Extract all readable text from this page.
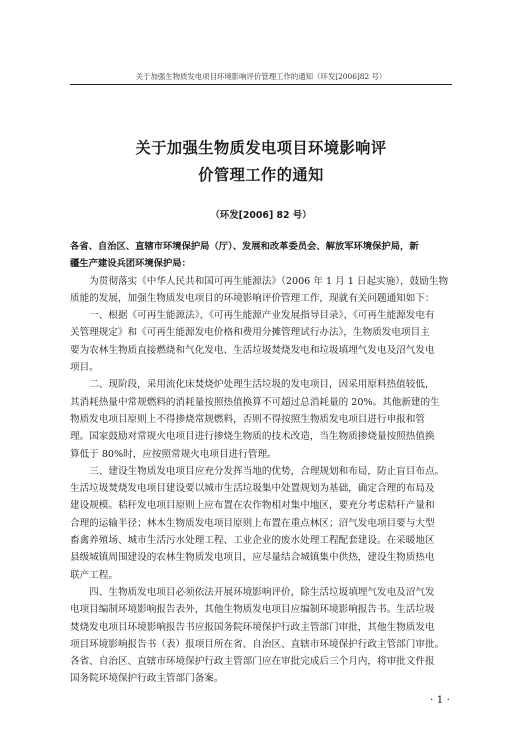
关于加强生物质发电项目环境影响评价管理工作的通知（环发[2006]82 号）
关于加强生物质发电项目环境影响评
价管理工作的通知
（环发[2006] 82 号）
各省、自治区、直辖市环境保护局（厅）、发展和改革委员会、解放军环境保护局，新
疆生产建设兵团环境保护局：
　　为贯彻落实《中华人民共和国可再生能源法》（2006 年 1 月 1 日起实施），鼓励生物
质能的发展，加强生物质发电项目的环境影响评价管理工作，现就有关问题通知如下：
　　一、根据《可再生能源法》、《可再生能源产业发展指导目录》、《可再生能源发电有
关管理规定》和《可再生能源发电价格和费用分摊管理试行办法》，生物质发电项目主
要为农林生物质直接燃烧和气化发电、生活垃圾焚烧发电和垃圾填埋气发电及沼气发电
项目。
　　二、现阶段，采用流化床焚烧炉处理生活垃圾的发电项目，因采用原料热值较低，
其消耗热量中常规燃料的消耗量按照热值换算不可超过总消耗量的 20%。其他新建的生
物质发电项目原则上不得掺烧常规燃料，否则不得按照生物质发电项目进行申报和管
理。国家鼓励对常规火电项目进行掺烧生物质的技术改造，当生物质掺烧量按照热值换
算低于 80%时，应按照常规火电项目进行管理。
　　三、建设生物质发电项目应充分发挥当地的优势，合理规划和布局，防止盲目布点。
生活垃圾焚烧发电项目建设要以城市生活垃圾集中处置规划为基础，确定合理的布局及
建设规模。秸秆发电项目原则上应布置在农作物相对集中地区，要充分考虑秸秆产量和
合理的运输半径；林木生物质发电项目原则上布置在重点林区；沼气发电项目要与大型
畜禽养殖场、城市生活污水处理工程、工业企业的废水处理工程配套建设。在采暖地区
县级城镇周围建设的农林生物质发电项目，应尽量结合城镇集中供热，建设生物质热电
联产工程。
　　四、生物质发电项目必须依法开展环境影响评价，除生活垃圾填埋气发电及沼气发
电项目编制环境影响报告表外，其他生物质发电项目应编制环境影响报告书。生活垃圾
焚烧发电项目环境影响报告书应报国务院环境保护行政主管部门审批，其他生物质发电
项目环境影响报告书（表）报项目所在省、自治区、直辖市环境保护行政主管部门审批。
各省、自治区、直辖市环境保护行政主管部门应在审批完成后三个月内，将审批文件报
国务院环境保护行政主管部门备案。
· 1 ·
